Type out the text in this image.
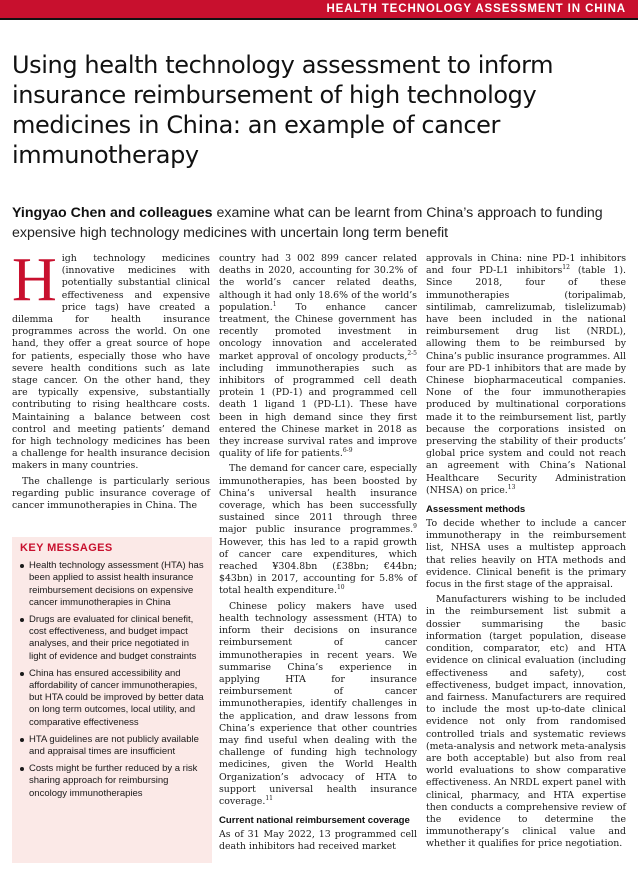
HEALTH TECHNOLOGY ASSESSMENT IN CHINA
Using health technology assessment to inform insurance reimbursement of high technology medicines in China: an example of cancer immunotherapy
Yingyao Chen and colleagues examine what can be learnt from China’s approach to funding expensive high technology medicines with uncertain long term benefit

High technology medicines (innovative medicines with potentially substantial clinical effectiveness and expensive price tags) have created a dilemma for health insurance programmes across the world. On one hand, they offer a great source of hope for patients, especially those who have severe health conditions such as late stage cancer. On the other hand, they are typically expensive, substantially contributing to rising healthcare costs. Maintaining a balance between cost control and meeting patients’ demand for high technology medicines has been a challenge for health insurance decision makers in many countries.

The challenge is particularly serious regarding public insurance coverage of cancer immunotherapies in China. The

KEY MESSAGES
Health technology assessment (HTA) has been applied to assist health insurance reimbursement decisions on expensive cancer immunotherapies in China
Drugs are evaluated for clinical benefit, cost effectiveness, and budget impact analyses, and their price negotiated in light of evidence and budget constraints
China has ensured accessibility and affordability of cancer immunotherapies, but HTA could be improved by better data on long term outcomes, local utility, and comparative effectiveness
HTA guidelines are not publicly available and appraisal times are insufficient
Costs might be further reduced by a risk sharing approach for reimbursing oncology immunotherapies

country had 3 002 899 cancer related deaths in 2020, accounting for 30.2% of the world’s cancer related deaths, although it had only 18.6% of the world’s population.$^1$ To enhance cancer treatment, the Chinese government has recently promoted investment in oncology innovation and accelerated market approval of oncology products,$^{2-5}$ including immunotherapies such as inhibitors of programmed cell death protein 1 (PD-1) and programmed cell death 1 ligand 1 (PD-L1). These have been in high demand since they first entered the Chinese market in 2018 as they increase survival rates and improve quality of life for patients.$^{6-9}$

The demand for cancer care, especially immunotherapies, has been boosted by China’s universal health insurance coverage, which has been successfully sustained since 2011 through three major public insurance programmes.$^9$ However, this has led to a rapid growth of cancer care expenditures, which reached ¥304.8bn (£38bn; €44bn; $43bn) in 2017, accounting for 5.8% of total health expenditure.$^{10}$

Chinese policy makers have used health technology assessment (HTA) to inform their decisions on insurance reimbursement of cancer immunotherapies in recent years. We summarise China’s experience in applying HTA for insurance reimbursement of cancer immunotherapies, identify challenges in the application, and draw lessons from China’s experience that other countries may find useful when dealing with the challenge of funding high technology medicines, given the World Health Organization’s advocacy of HTA to support universal health insurance coverage.$^{11}$

Current national reimbursement coverage

As of 31 May 2022, 13 programmed cell death inhibitors had received market

approvals in China: nine PD-1 inhibitors and four PD-L1 inhibitors$^{12}$ (table 1). Since 2018, four of these immunotherapies (toripalimab, sintilimab, camrelizumab, tislelizumab) have been included in the national reimbursement drug list (NRDL), allowing them to be reimbursed by China’s public insurance programmes. All four are PD-1 inhibitors that are made by Chinese biopharmaceutical companies. None of the four immunotherapies produced by multinational corporations made it to the reimbursement list, partly because the corporations insisted on preserving the stability of their products’ global price system and could not reach an agreement with China’s National Healthcare Security Administration (NHSA) on price.$^{13}$

Assessment methods

To decide whether to include a cancer immunotherapy in the reimbursement list, NHSA uses a multistep approach that relies heavily on HTA methods and evidence. Clinical benefit is the primary focus in the first stage of the appraisal.

Manufacturers wishing to be included in the reimbursement list submit a dossier summarising the basic information (target population, disease condition, comparator, etc) and HTA evidence on clinical evaluation (including effectiveness and safety), cost effectiveness, budget impact, innovation, and fairness. Manufacturers are required to include the most up-to-date clinical evidence not only from randomised controlled trials and systematic reviews (meta-analysis and network meta-analysis are both acceptable) but also from real world evaluations to show comparative effectiveness. An NRDL expert panel with clinical, pharmacy, and HTA expertise then conducts a comprehensive review of the evidence to determine the immunotherapy’s clinical value and whether it qualifies for price negotiation.
